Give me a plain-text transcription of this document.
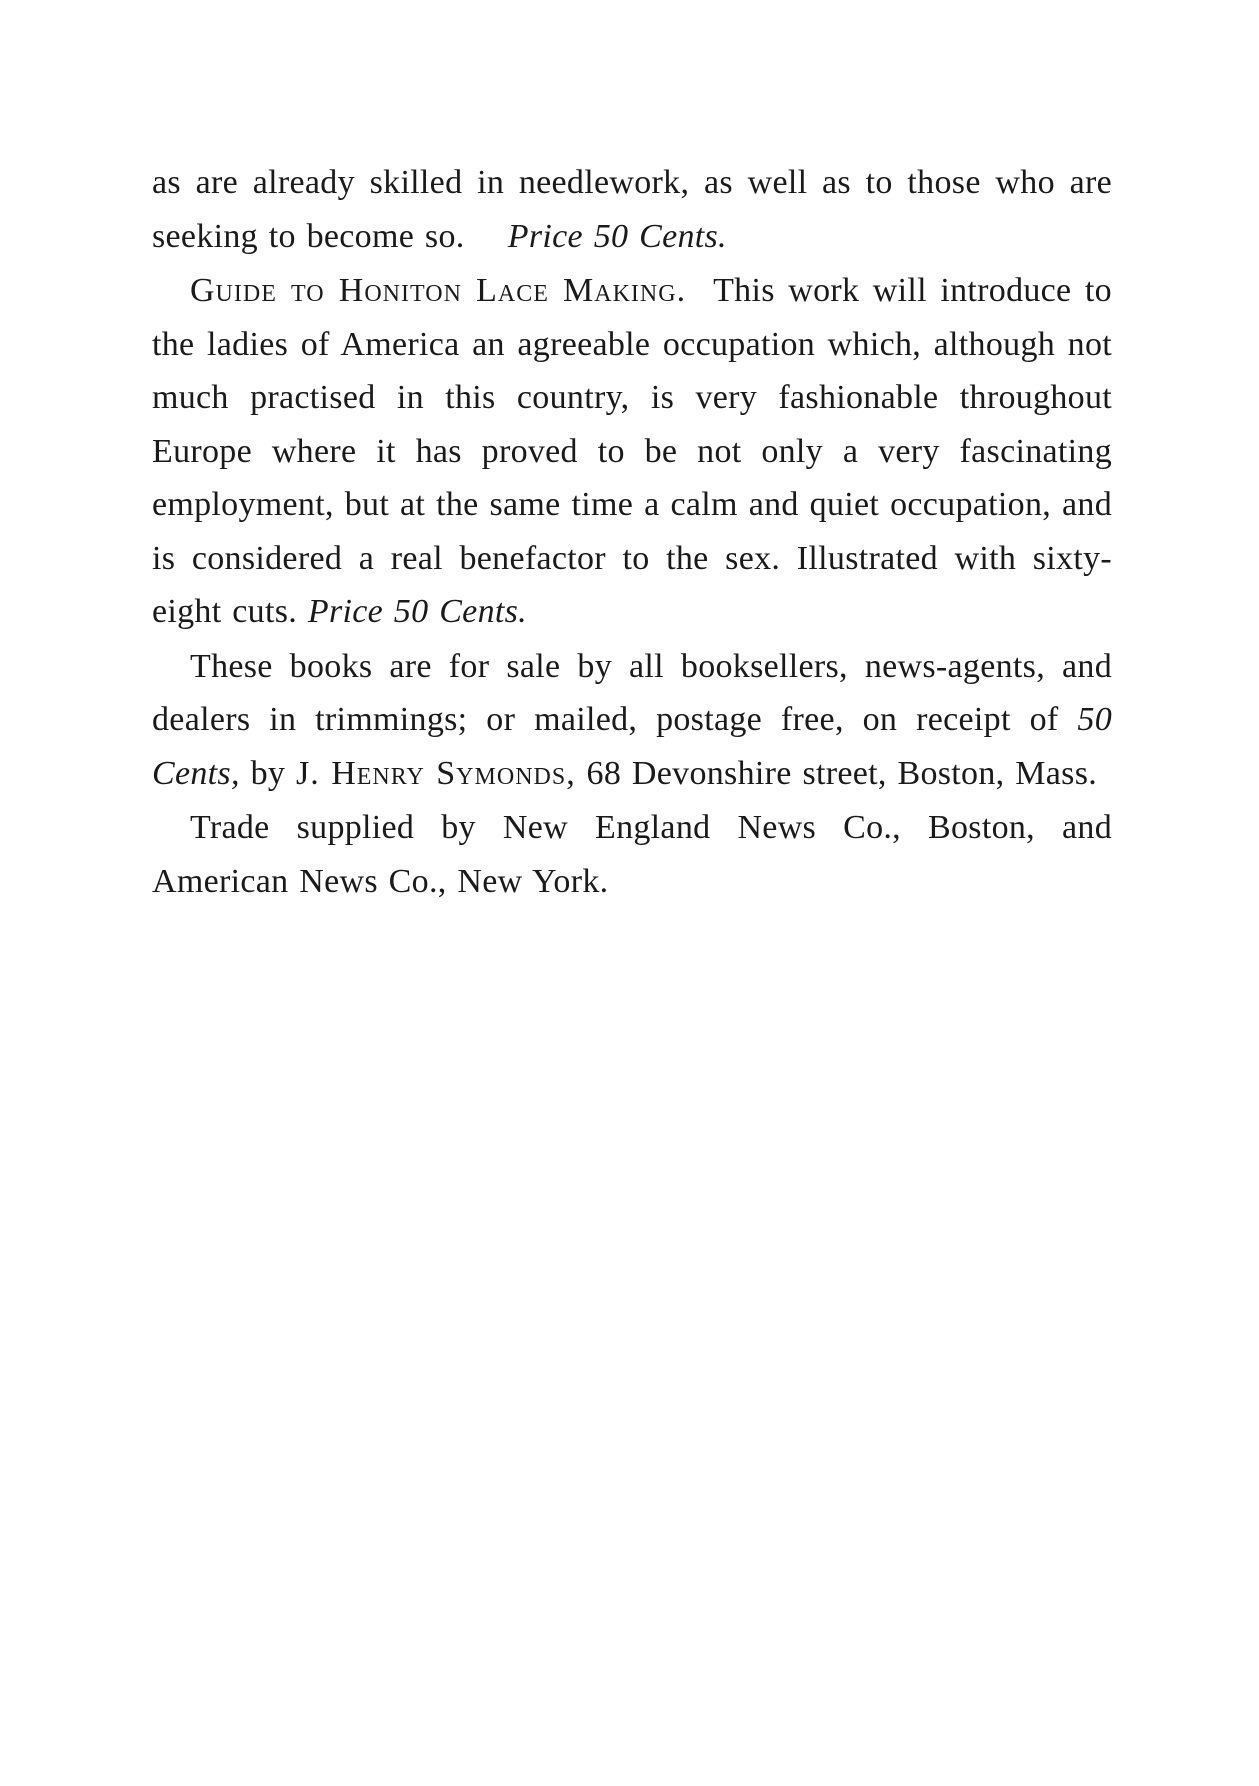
as are already skilled in needlework, as well as to those who are seeking to become so. Price 50 Cents.

Guide to Honiton Lace Making. This work will introduce to the ladies of America an agreeable occupation which, although not much practised in this country, is very fashionable throughout Europe where it has proved to be not only a very fascinating employment, but at the same time a calm and quiet occupation, and is considered a real benefactor to the sex. Illustrated with sixty-eight cuts. Price 50 Cents.

These books are for sale by all booksellers, news-agents, and dealers in trimmings; or mailed, postage free, on receipt of 50 Cents, by J. Henry Symonds, 68 Devonshire street, Boston, Mass.

Trade supplied by New England News Co., Boston, and American News Co., New York.
